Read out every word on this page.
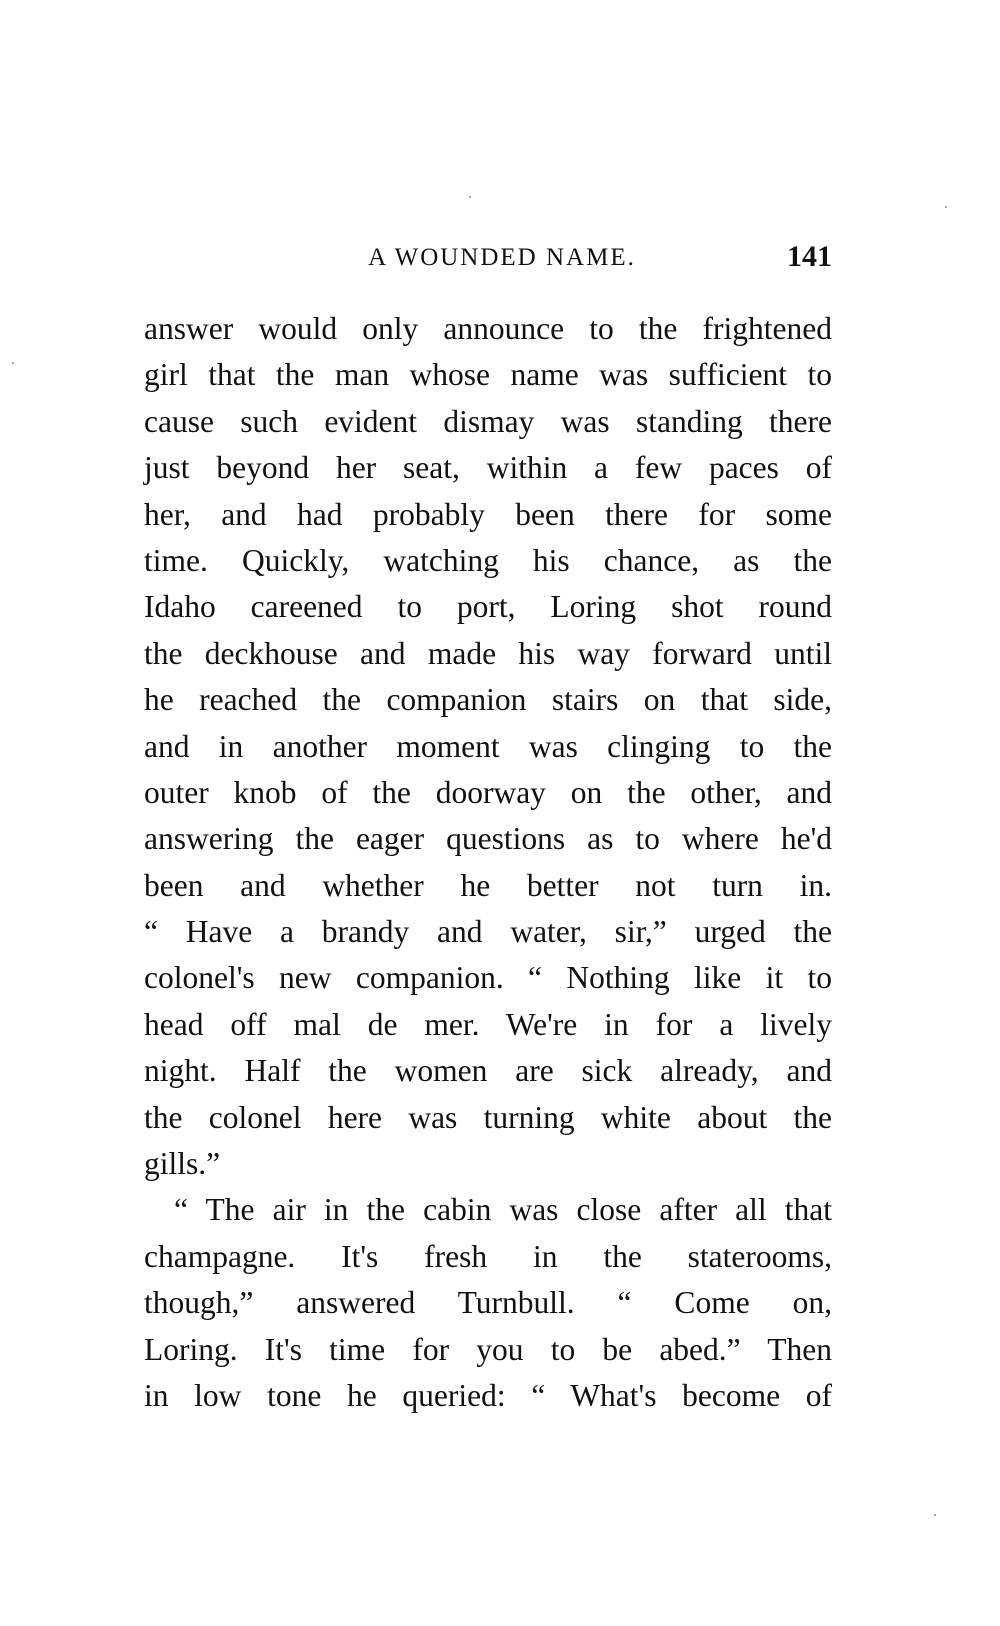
A WOUNDED NAME.	141
answer would only announce to the frightened
girl that the man whose name was sufficient to
cause such evident dismay was standing there
just beyond her seat, within a few paces of
her, and had probably been there for some
time. Quickly, watching his chance, as the
Idaho careened to port, Loring shot round
the deckhouse and made his way forward until
he reached the companion stairs on that side,
and in another moment was clinging to the
outer knob of the doorway on the other, and
answering the eager questions as to where he'd
been and whether he better not turn in.
“ Have a brandy and water, sir,” urged the
colonel's new companion. “ Nothing like it to
head off mal de mer. We're in for a lively
night. Half the women are sick already, and
the colonel here was turning white about the
gills.”
“ The air in the cabin was close after all that
champagne. It's fresh in the staterooms,
though,” answered Turnbull. “ Come on,
Loring. It's time for you to be abed.” Then
in low tone he queried: “ What's become of
